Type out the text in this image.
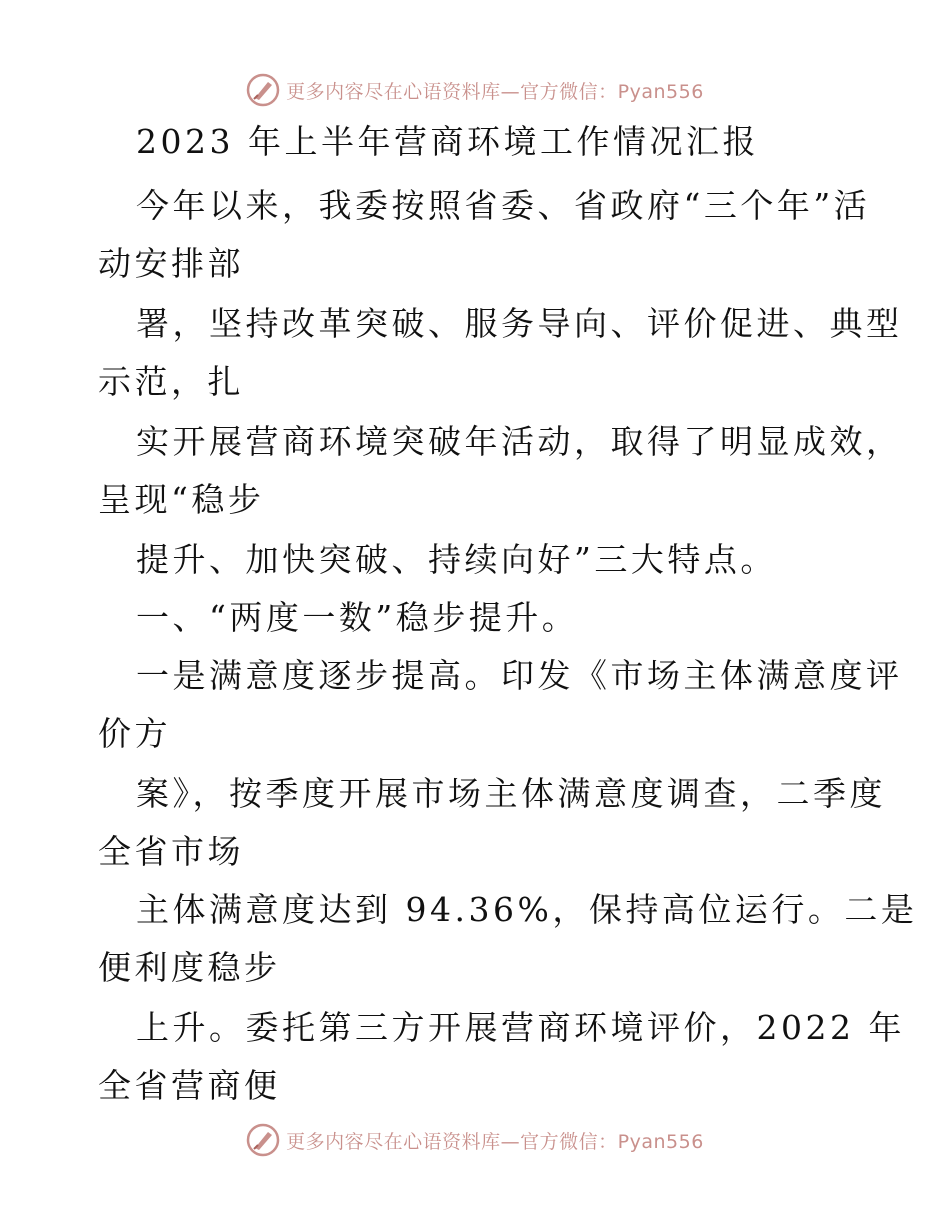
更多内容尽在心语资料库—官方微信：Pyan556
2023 年上半年营商环境工作情况汇报
今年以来，我委按照省委、省政府“三个年”活
动安排部
署，坚持改革突破、服务导向、评价促进、典型
示范，扎
实开展营商环境突破年活动，取得了明显成效，
呈现“稳步
提升、加快突破、持续向好”三大特点。
一、“两度一数”稳步提升。
一是满意度逐步提高。印发《市场主体满意度评
价方
案》，按季度开展市场主体满意度调查，二季度
全省市场
主体满意度达到 94.36%，保持高位运行。二是
便利度稳步
上升。委托第三方开展营商环境评价，2022 年
全省营商便
更多内容尽在心语资料库—官方微信：Pyan556
